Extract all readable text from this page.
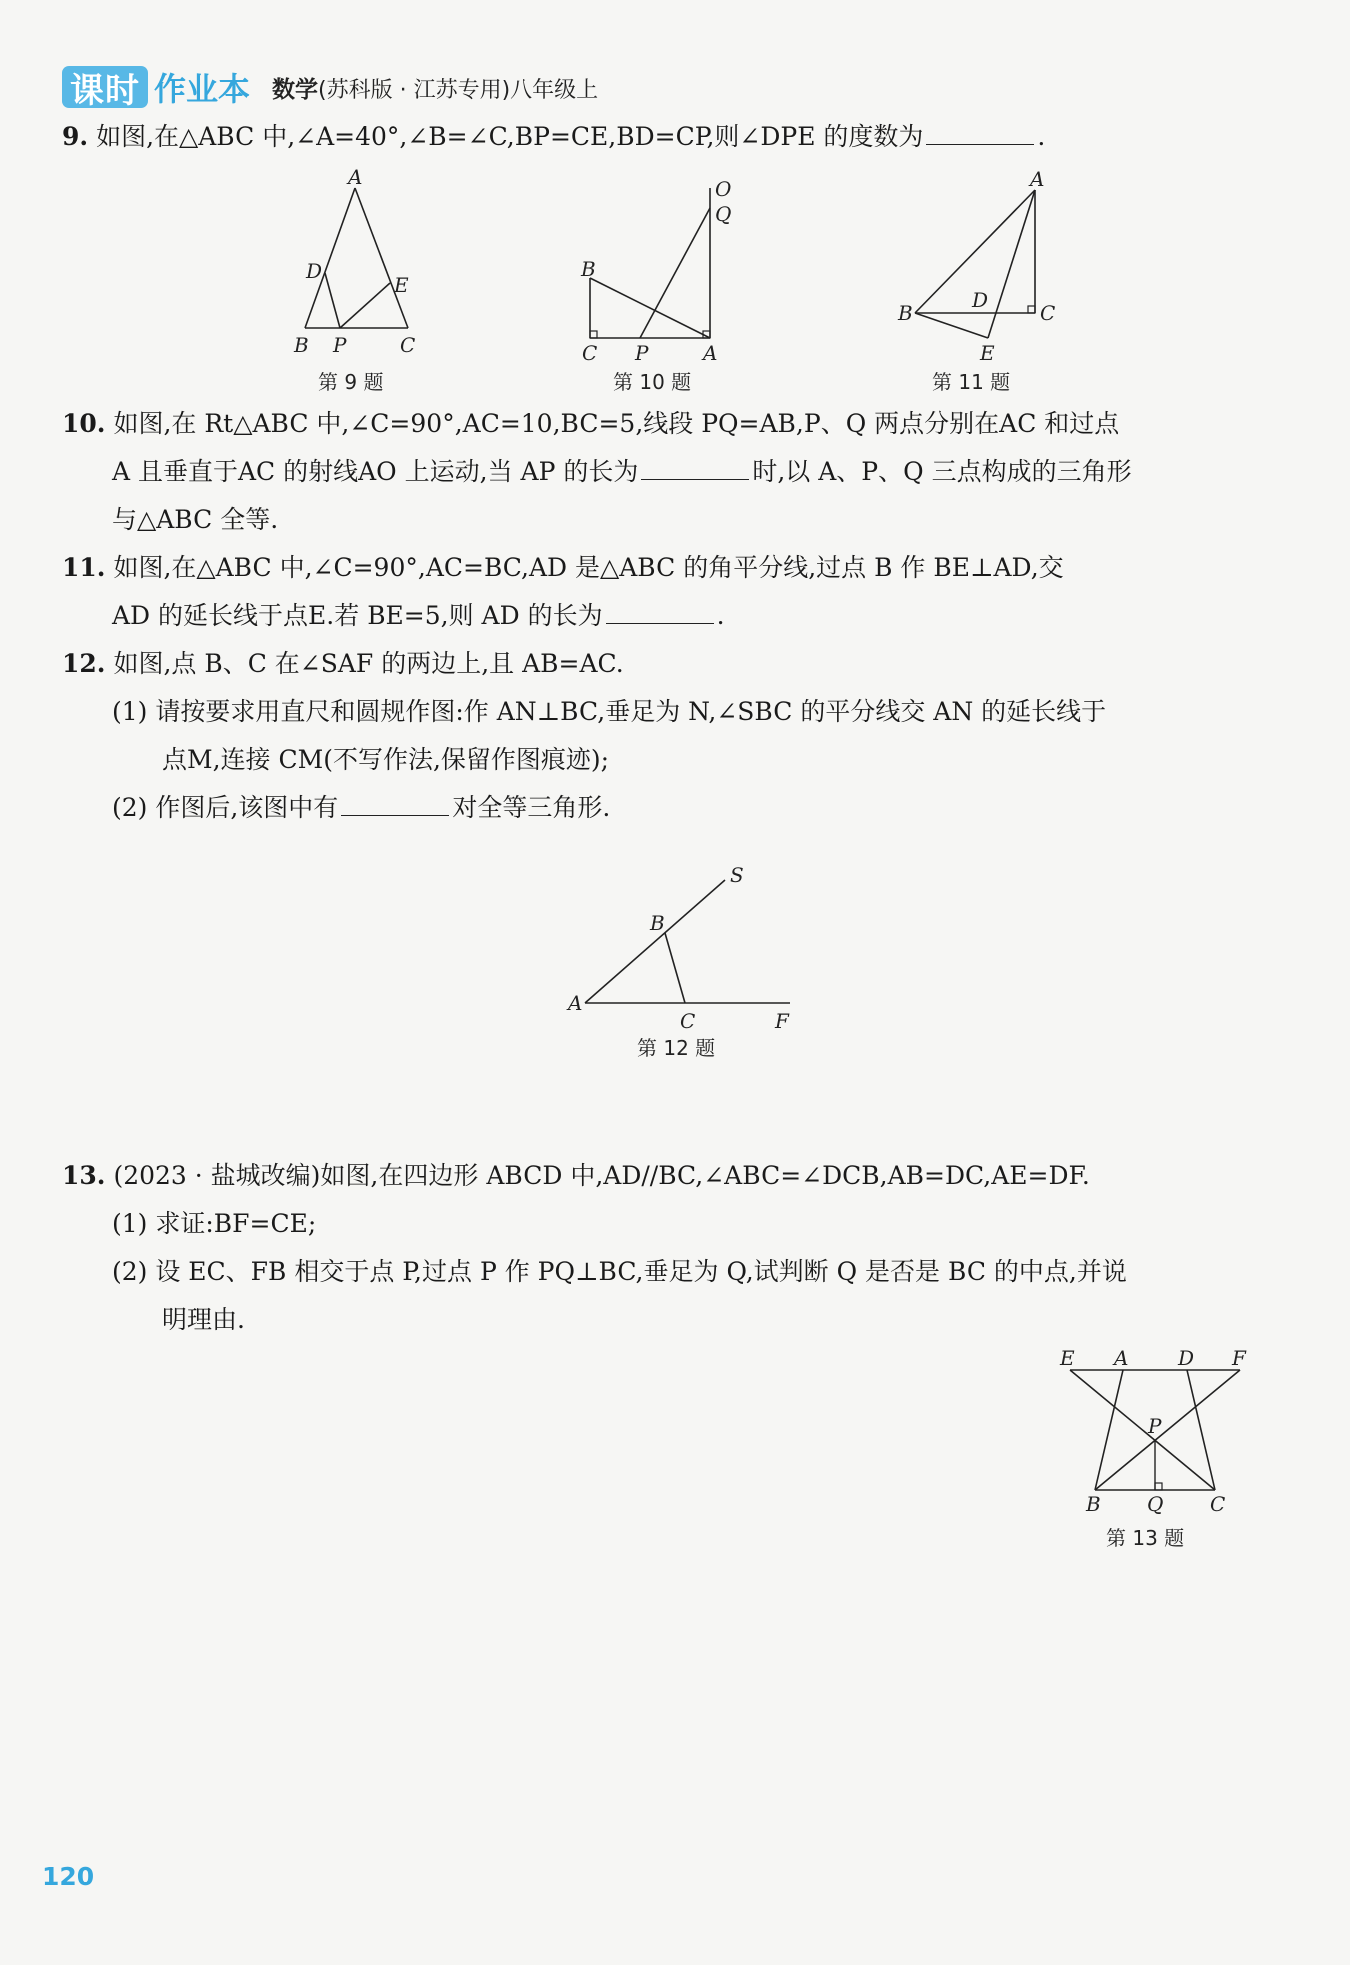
课时 作业本 数学(苏科版 · 江苏专用)八年级上
9. 如图,在△ABC 中,∠A=40°,∠B=∠C,BP=CE,BD=CP,则∠DPE 的度数为	.
A
B	C
D
E
P
第 9 题
O
Q
B
C P	A
第 10 题
A
B	C
D
E
第 11 题
10. 如图,在 Rt△ABC 中,∠C=90°,AC=10,BC=5,线段 PQ=AB,P、Q 两点分别在AC 和过点
A 且垂直于AC 的射线AO 上运动,当 AP 的长为	时,以 A、P、Q 三点构成的三角形
与△ABC 全等.
11. 如图,在△ABC 中,∠C=90°,AC=BC,AD 是△ABC 的角平分线,过点 B 作 BE⊥AD,交
AD 的延长线于点E.若 BE=5,则 AD 的长为	.
12. 如图,点 B、C 在∠SAF 的两边上,且 AB=AC.
(1) 请按要求用直尺和圆规作图:作 AN⊥BC,垂足为 N,∠SBC 的平分线交 AN 的延长线于
点M,连接 CM(不写作法,保留作图痕迹);
(2) 作图后,该图中有	对全等三角形.
S
B
A
C	F
第 12 题
13. (2023 · 盐城改编)如图,在四边形 ABCD 中,AD//BC,∠ABC=∠DCB,AB=DC,AE=DF.
(1) 求证:BF=CE;
(2) 设 EC、FB 相交于点 P,过点 P 作 PQ⊥BC,垂足为 Q,试判断 Q 是否是 BC 的中点,并说
明理由.
E A D F
P
B Q C
第 13 题
120
